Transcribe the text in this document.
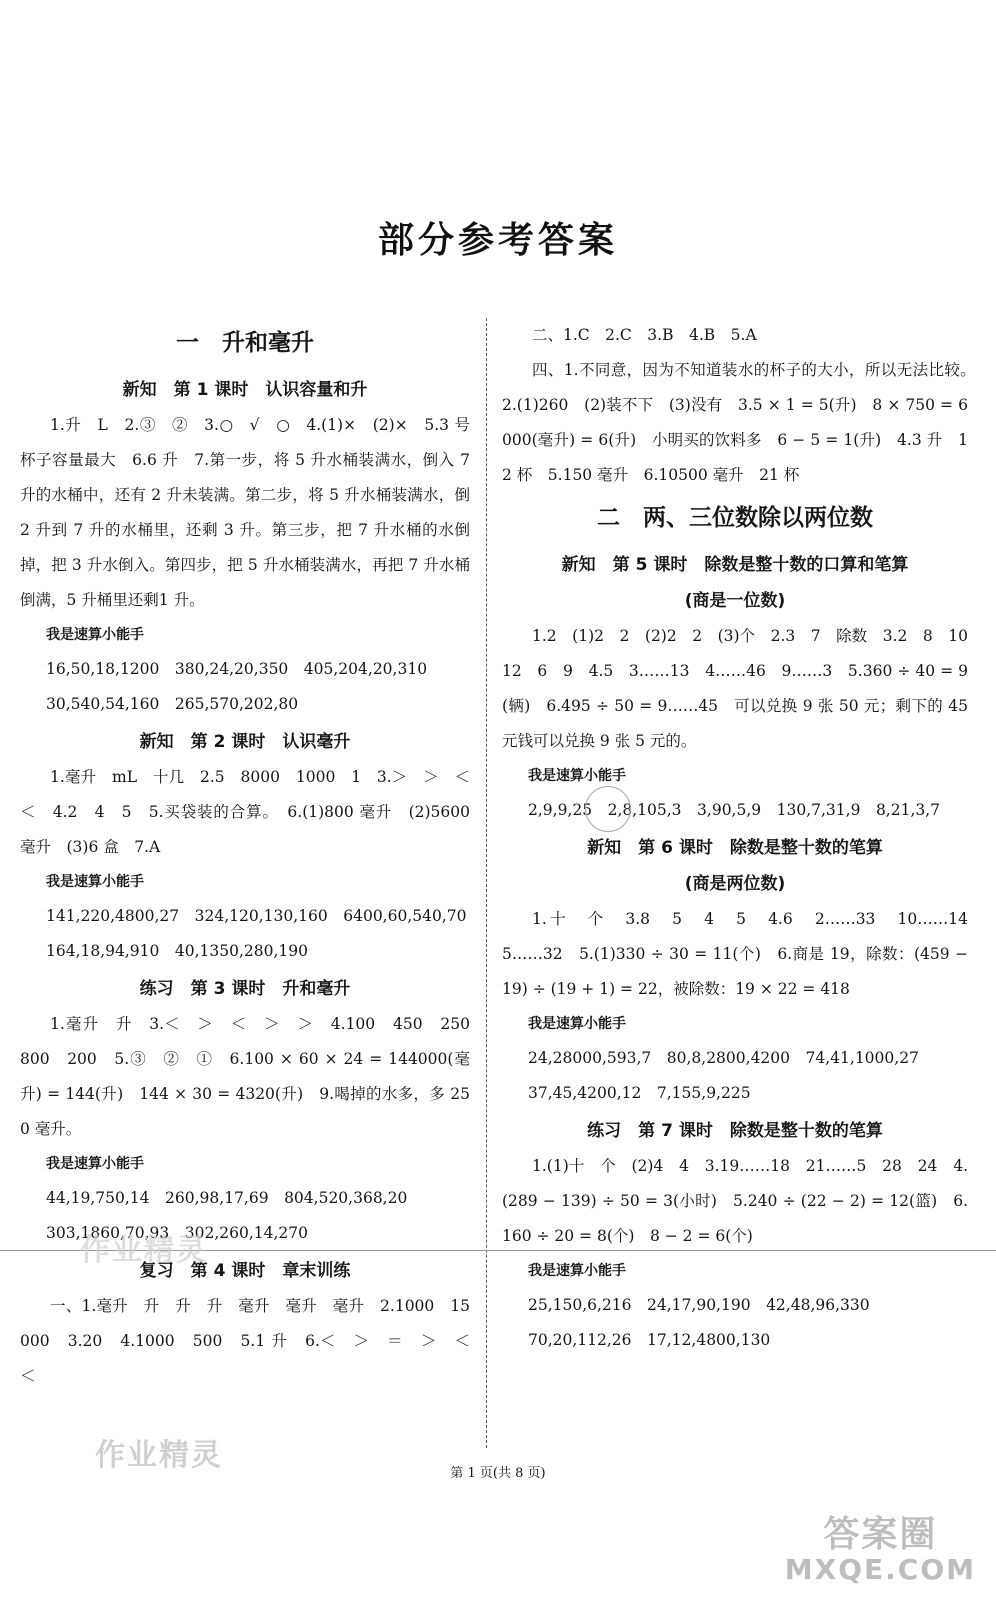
部分参考答案
一　升和毫升
新知　第 1 课时　认识容量和升

1.升　L　2.③　②　3.○　√　○　4.(1)×　(2)×　5.3 号杯子容量最大　6.6 升　7.第一步，将 5 升水桶装满水，倒入 7 升的水桶中，还有 2 升未装满。第二步，将 5 升水桶装满水，倒 2 升到 7 升的水桶里，还剩 3 升。第三步，把 7 升水桶的水倒掉，把 3 升水倒入。第四步，把 5 升水桶装满水，再把 7 升水桶倒满，5 升桶里还剩1 升。

我是速算小能手
16,50,18,1200　380,24,20,350　405,204,20,310　30,540,54,160　265,570,202,80
新知　第 2 课时　认识毫升

1.毫升　mL　十几　2.5　8000　1000　1　3.＞　＞　＜　＜　4.2　4　5　5.买袋装的合算。　6.(1)800 毫升　(2)5600 毫升　(3)6 盒　7.A

我是速算小能手
141,220,4800,27　324,120,130,160　6400,60,540,70　164,18,94,910　40,1350,280,190
练习　第 3 课时　升和毫升

1.毫升　升　3.＜　＞　＜　＞　＞　4.100　450　250　800　200　5.③　②　①　6.100 × 60 × 24 = 144000(毫升) = 144(升)　144 × 30 = 4320(升)　9.喝掉的水多，多 250 毫升。

我是速算小能手
44,19,750,14　260,98,17,69　804,520,368,20　303,1860,70,93　302,260,14,270
复习　第 4 课时　章末训练

一、1.毫升　升　升　升　毫升　毫升　毫升　2.1000　15000　3.20　4.1000　500　5.1 升　6.＜　＞　＝　＞　＜　＜

二、1.C　2.C　3.B　4.B　5.A

四、1.不同意，因为不知道装水的杯子的大小，所以无法比较。　2.(1)260　(2)装不下　(3)没有　3.5 × 1 = 5(升)　8 × 750 = 6000(毫升) = 6(升)　小明买的饮料多　6 − 5 = 1(升)　4.3 升　12 杯　5.150 毫升　6.10500 毫升　21 杯

二　两、三位数除以两位数
新知　第 5 课时　除数是整十数的口算和笔算
(商是一位数)

1.2　(1)2　2　(2)2　2　(3)个　2.3　7　除数　3.2　8　10　12　6　9　4.5　3……13　4……46　9……3　5.360 ÷ 40 = 9(辆)　6.495 ÷ 50 = 9……45　可以兑换 9 张 50 元；剩下的 45 元钱可以兑换 9 张 5 元的。

我是速算小能手
2,9,9,25　2,8,105,3　3,90,5,9　130,7,31,9　8,21,3,7
新知　第 6 课时　除数是整十数的笔算
(商是两位数)

1.十　个　3.8　5　4　5　4.6　2……33　10……14　5……32　5.(1)330 ÷ 30 = 11(个)　6.商是 19，除数：(459 − 19) ÷ (19 + 1) = 22，被除数：19 × 22 = 418

我是速算小能手
24,28000,593,7　80,8,2800,4200　74,41,1000,27　37,45,4200,12　7,155,9,225
练习　第 7 课时　除数是整十数的笔算

1.(1)十　个　(2)4　4　3.19……18　21……5　28　24　4.(289 − 139) ÷ 50 = 3(小时)　5.240 ÷ (22 − 2) = 12(篮)　6.160 ÷ 20 = 8(个)　8 − 2 = 6(个)

我是速算小能手
25,150,6,216　24,17,90,190　42,48,96,330　70,20,112,26　17,12,4800,130
作业精灵
作业精灵
第 1 页(共 8 页)
答案圈
MXQE.COM
